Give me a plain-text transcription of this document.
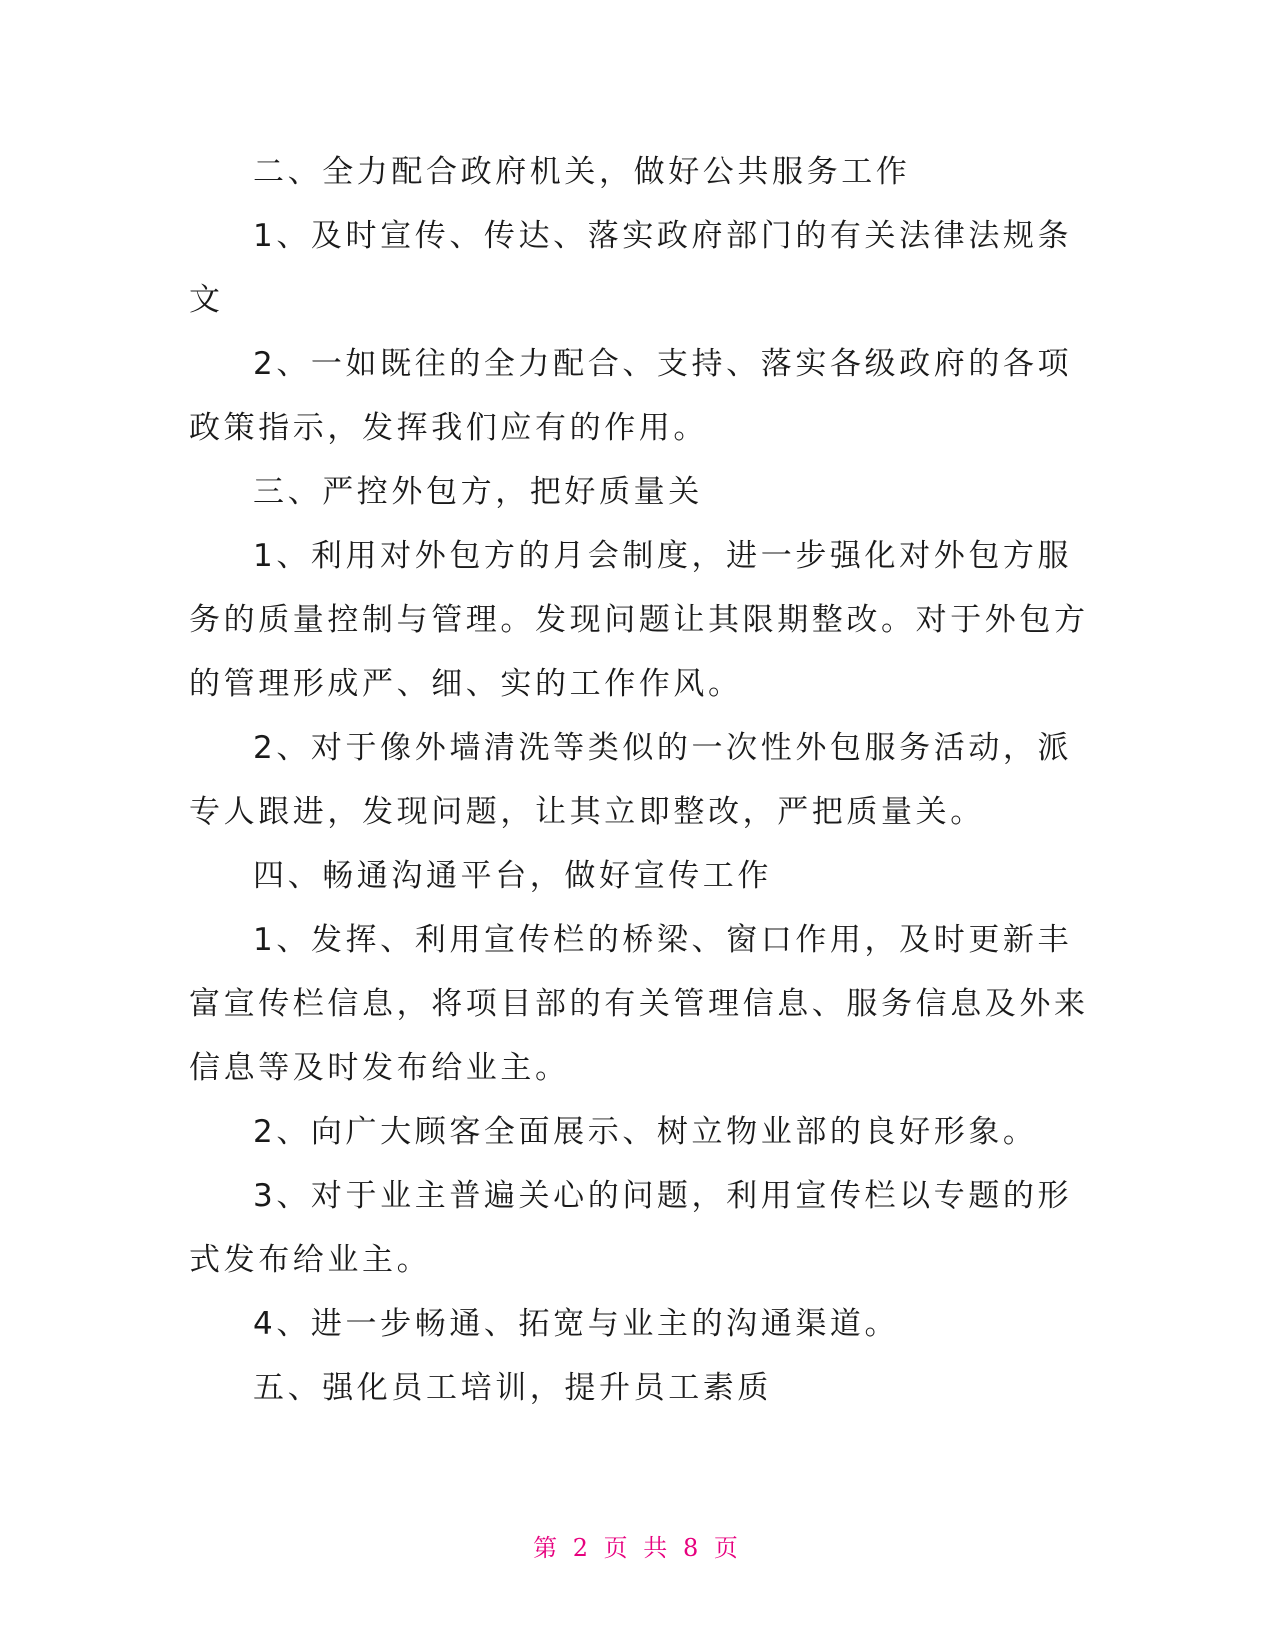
二、全力配合政府机关，做好公共服务工作

1、及时宣传、传达、落实政府部门的有关法律法规条文

2、一如既往的全力配合、支持、落实各级政府的各项政策指示，发挥我们应有的作用。

三、严控外包方，把好质量关

1、利用对外包方的月会制度，进一步强化对外包方服务的质量控制与管理。发现问题让其限期整改。对于外包方的管理形成严、细、实的工作作风。

2、对于像外墙清洗等类似的一次性外包服务活动，派专人跟进，发现问题，让其立即整改，严把质量关。

四、畅通沟通平台，做好宣传工作

1、发挥、利用宣传栏的桥梁、窗口作用，及时更新丰富宣传栏信息，将项目部的有关管理信息、服务信息及外来信息等及时发布给业主。

2、向广大顾客全面展示、树立物业部的良好形象。

3、对于业主普遍关心的问题，利用宣传栏以专题的形式发布给业主。

4、进一步畅通、拓宽与业主的沟通渠道。

五、强化员工培训，提升员工素质

第 2 页 共 8 页
